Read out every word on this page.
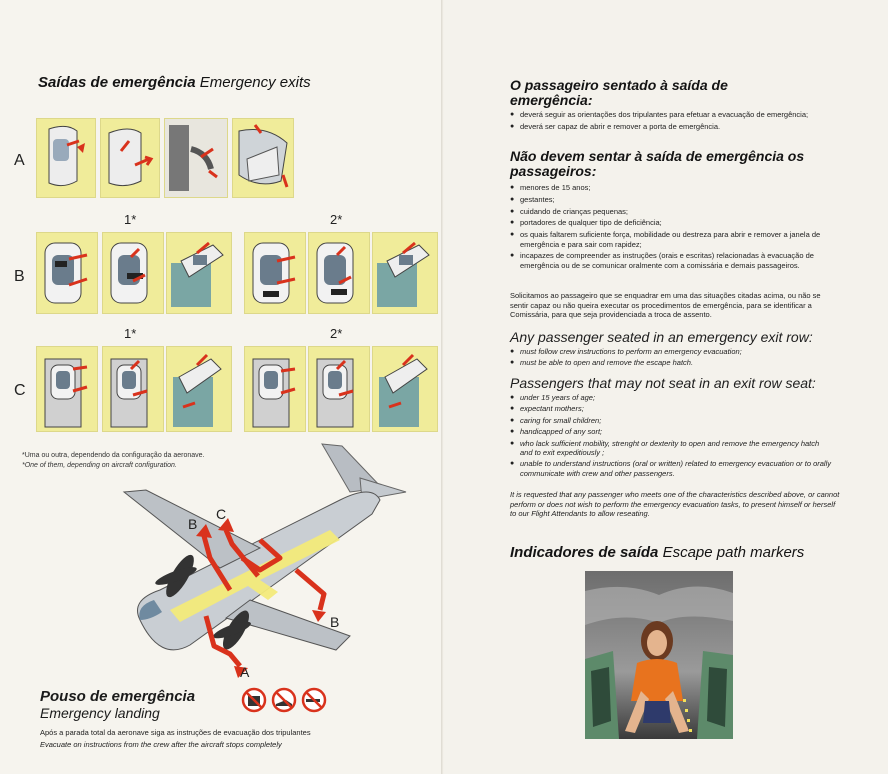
Saídas de emergência Emergency exits
A
1*	2*
B
1*	2*
C
*Uma ou outra, dependendo da configuração da aeronave.
*One of them, depending on aircraft configuration.
B
C
B
A
Pouso de emergência
Emergency landing
Após a parada total da aeronave siga as instruções de evacuação dos tripulantes
Evacuate on instructions from the crew after the aircraft stops completely
O passageiro sentado à saída de emergência:
● deverá seguir as orientações dos tripulantes para efetuar a evacuação de emergência;
● deverá ser capaz de abrir e remover a porta de emergência.
Não devem sentar à saída de emergência os passageiros:
● menores de 15 anos;
● gestantes;
● cuidando de crianças pequenas;
● portadores de qualquer tipo de deficiência;
● os quais faltarem suficiente força, mobilidade ou destreza para abrir e remover a janela de emergência e para sair com rapidez;
● incapazes de compreender as instruções (orais e escritas) relacionadas à evacuação de emergência ou de se comunicar oralmente com a comissária e demais passageiros.
Solicitamos ao passageiro que se enquadrar em uma das situações citadas acima, ou não se sentir capaz ou não queira executar os procedimentos de emergência, para se identificar a Comissária, para que seja providenciada a troca de assento.
Any passenger seated in an emergency exit row:
● must follow crew instructions to perform an emergency evacuation;
● must be able to open and remove the escape hatch.
Passengers that may not seat in an exit row seat:
● under 15 years of age;
● expectant mothers;
● caring for small children;
● handicapped of any sort;
● who lack sufficient mobility, strenght or dexterity to open and remove the emergency hatch and to exit expeditiously ;
● unable to understand instructions (oral or written) related to emergency evacuation or to orally communicate with crew and other passengers.
It is requested that any passenger who meets one of the characteristics described above, or cannot perform or does not wish to perform the emergency evacuation tasks, to present himself or herself to our Flight Attendants to allow reseating.
Indicadores de saída Escape path markers
